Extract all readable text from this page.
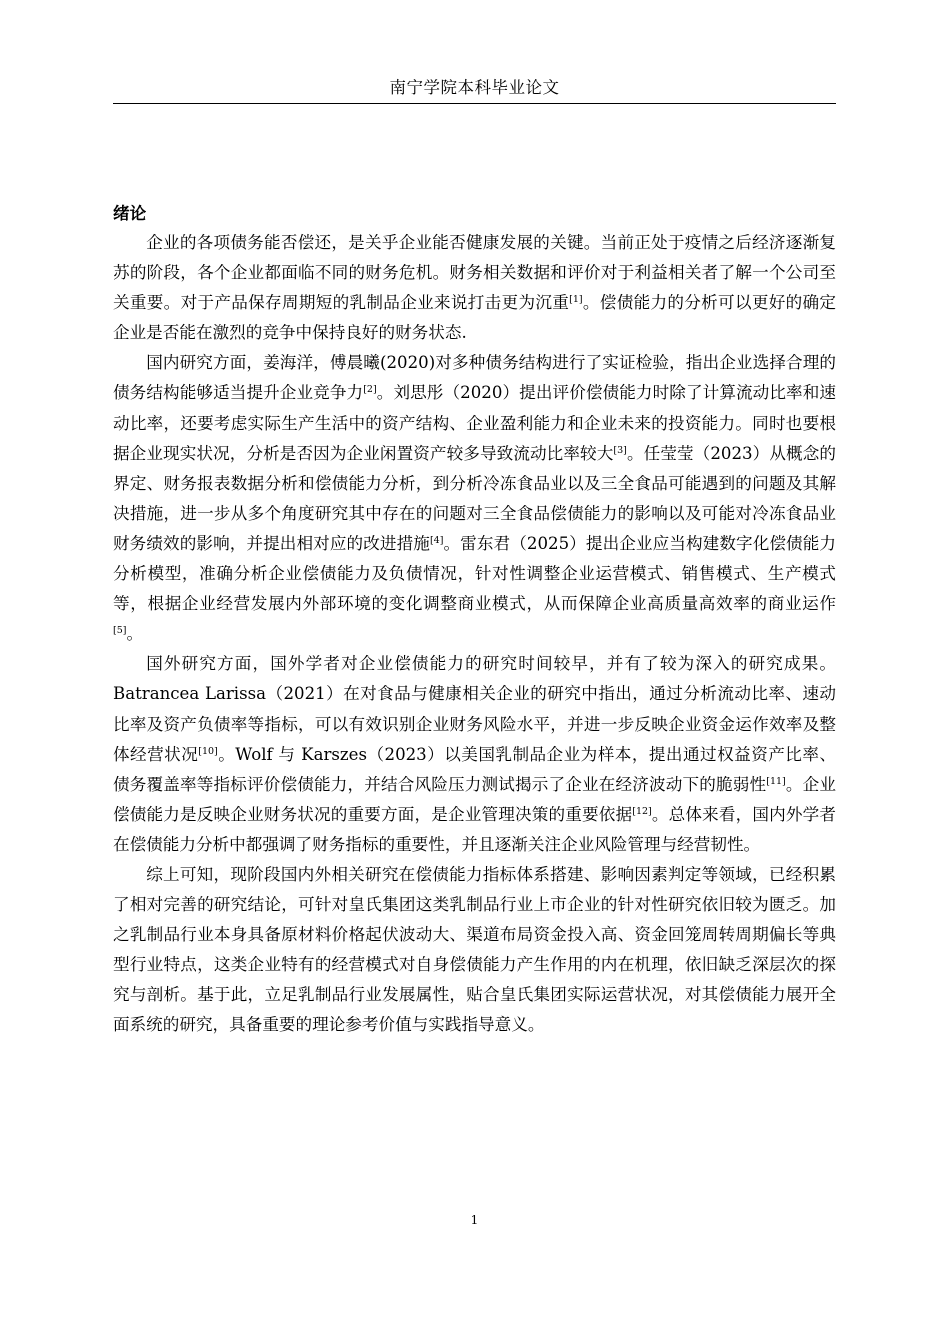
南宁学院本科毕业论文
绪论

企业的各项债务能否偿还，是关乎企业能否健康发展的关键。当前正处于疫情之后经济逐渐复苏的阶段，各个企业都面临不同的财务危机。财务相关数据和评价对于利益相关者了解一个公司至关重要。对于产品保存周期短的乳制品企业来说打击更为沉重[1]。偿债能力的分析可以更好的确定企业是否能在激烈的竞争中保持良好的财务状态.

国内研究方面，姜海洋，傅晨曦(2020)对多种债务结构进行了实证检验，指出企业选择合理的债务结构能够适当提升企业竞争力[2]。刘思彤（2020）提出评价偿债能力时除了计算流动比率和速动比率，还要考虑实际生产生活中的资产结构、企业盈利能力和企业未来的投资能力。同时也要根据企业现实状况，分析是否因为企业闲置资产较多导致流动比率较大[3]。任莹莹（2023）从概念的界定、财务报表数据分析和偿债能力分析，到分析冷冻食品业以及三全食品可能遇到的问题及其解决措施，进一步从多个角度研究其中存在的问题对三全食品偿债能力的影响以及可能对冷冻食品业财务绩效的影响，并提出相对应的改进措施[4]。雷东君（2025）提出企业应当构建数字化偿债能力分析模型，准确分析企业偿债能力及负债情况，针对性调整企业运营模式、销售模式、生产模式等，根据企业经营发展内外部环境的变化调整商业模式，从而保障企业高质量高效率的商业运作[5]。

国外研究方面，国外学者对企业偿债能力的研究时间较早，并有了较为深入的研究成果。Batrancea Larissa（2021）在对食品与健康相关企业的研究中指出，通过分析流动比率、速动比率及资产负债率等指标，可以有效识别企业财务风险水平，并进一步反映企业资金运作效率及整体经营状况[10]。Wolf 与 Karszes（2023）以美国乳制品企业为样本，提出通过权益资产比率、债务覆盖率等指标评价偿债能力，并结合风险压力测试揭示了企业在经济波动下的脆弱性[11]。企业偿债能力是反映企业财务状况的重要方面，是企业管理决策的重要依据[12]。总体来看，国内外学者在偿债能力分析中都强调了财务指标的重要性，并且逐渐关注企业风险管理与经营韧性。

综上可知，现阶段国内外相关研究在偿债能力指标体系搭建、影响因素判定等领域，已经积累了相对完善的研究结论，可针对皇氏集团这类乳制品行业上市企业的针对性研究依旧较为匮乏。加之乳制品行业本身具备原材料价格起伏波动大、渠道布局资金投入高、资金回笼周转周期偏长等典型行业特点，这类企业特有的经营模式对自身偿债能力产生作用的内在机理，依旧缺乏深层次的探究与剖析。基于此，立足乳制品行业发展属性，贴合皇氏集团实际运营状况，对其偿债能力展开全面系统的研究，具备重要的理论参考价值与实践指导意义。

1
